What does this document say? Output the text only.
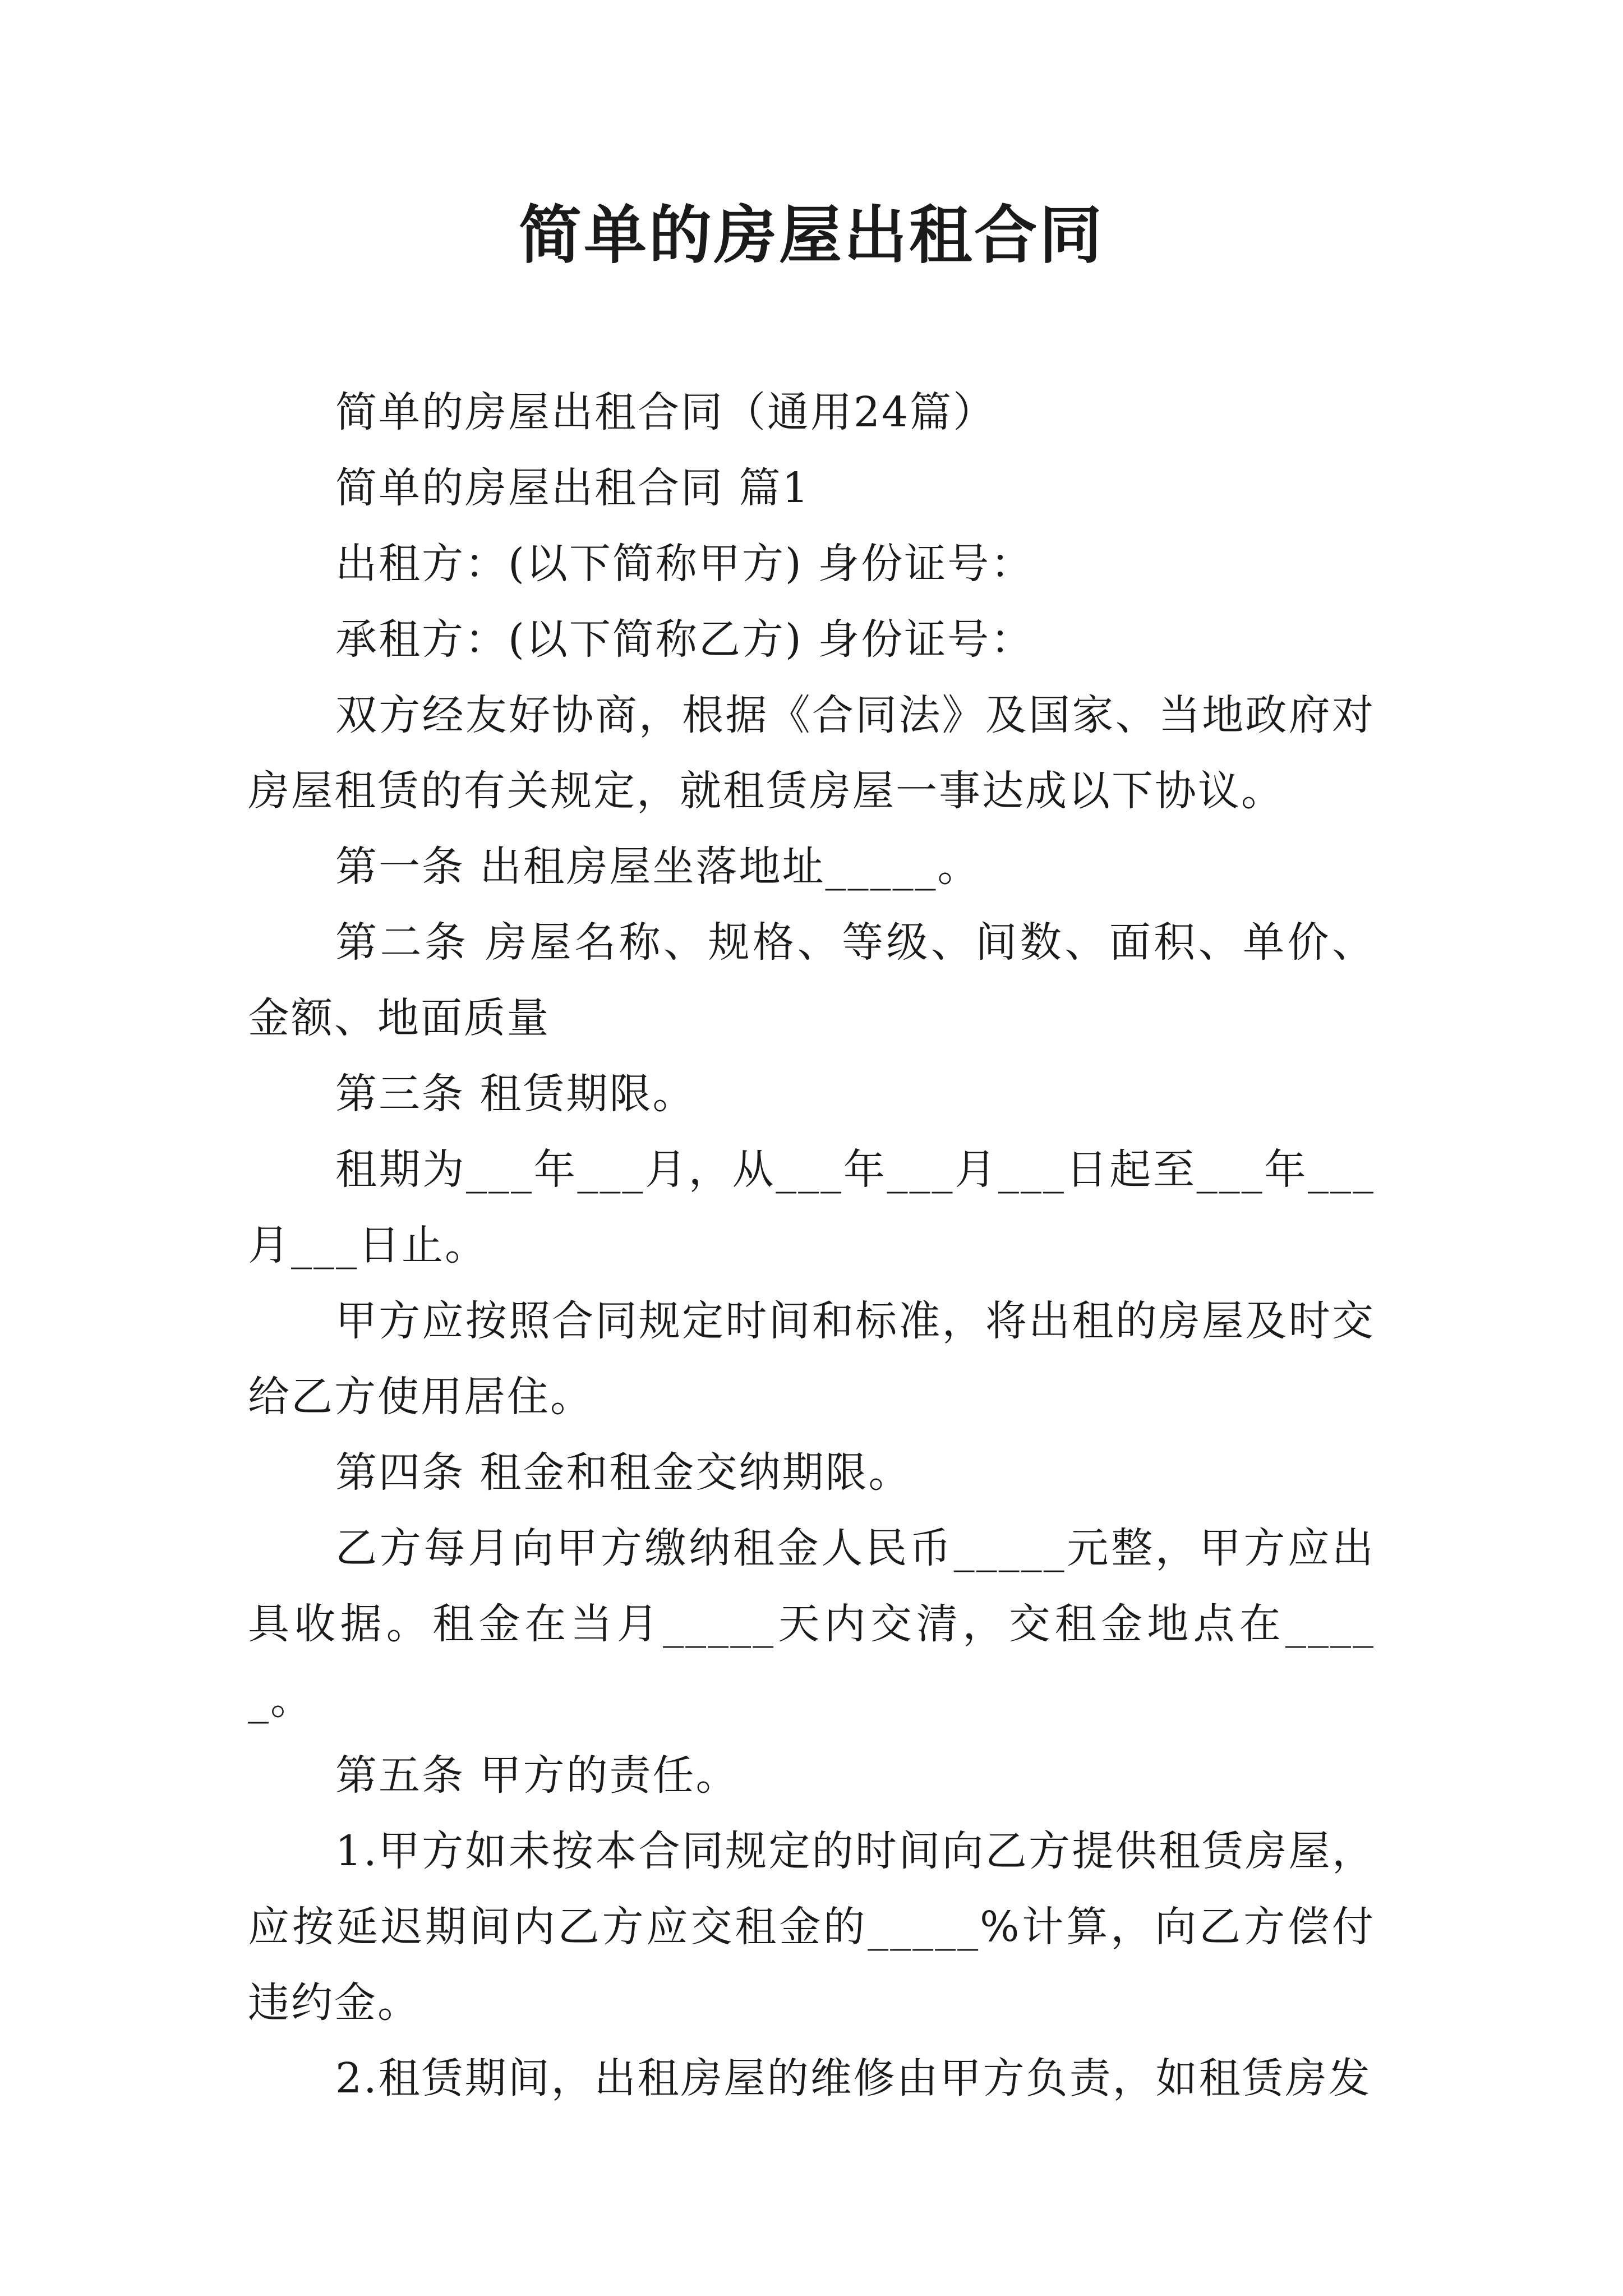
简单的房屋出租合同

简单的房屋出租合同（通用24篇）

简单的房屋出租合同 篇1

出租方：(以下简称甲方) 身份证号：

承租方：(以下简称乙方) 身份证号：

双方经友好协商，根据《合同法》及国家、当地政府对房屋租赁的有关规定，就租赁房屋一事达成以下协议。

第一条 出租房屋坐落地址_____。

第二条 房屋名称、规格、等级、间数、面积、单价、金额、地面质量

第三条 租赁期限。

租期为___年___月，从___年___月___日起至___年___月___日止。

甲方应按照合同规定时间和标准，将出租的房屋及时交给乙方使用居住。

第四条 租金和租金交纳期限。

乙方每月向甲方缴纳租金人民币_____元整，甲方应出具收据。租金在当月_____天内交清，交租金地点在_____。

第五条 甲方的责任。

1.甲方如未按本合同规定的时间向乙方提供租赁房屋，应按延迟期间内乙方应交租金的_____%计算，向乙方偿付违约金。

2.租赁期间，出租房屋的维修由甲方负责，如租赁房发
